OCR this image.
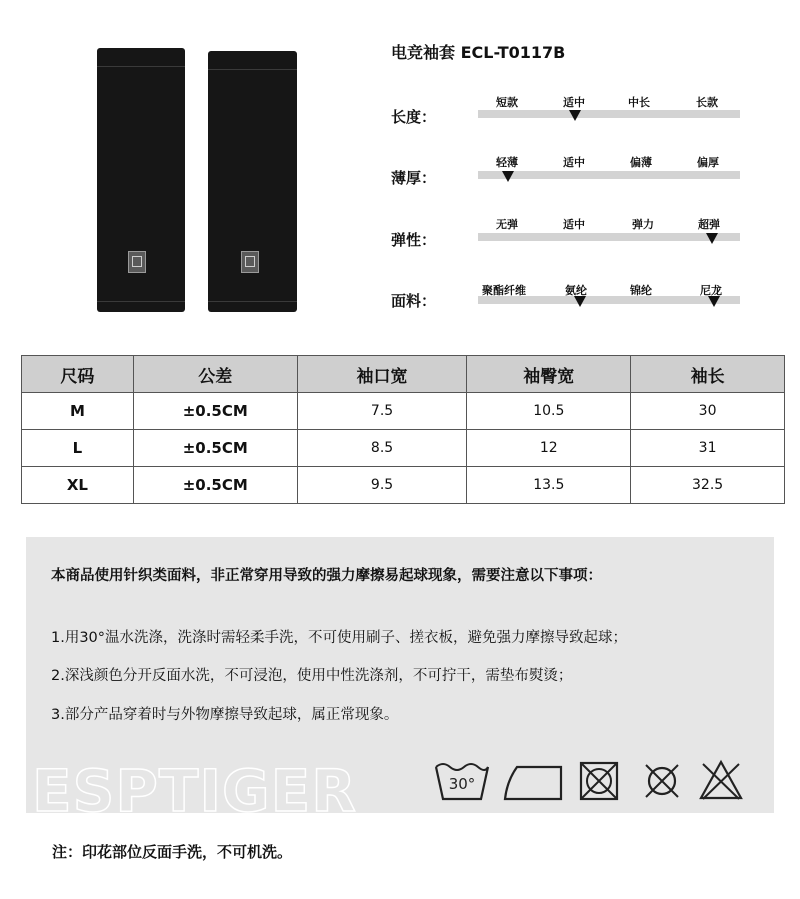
电竞袖套 ECL-T0117B
长度：
短款	适中	中长	长款
薄厚：
轻薄	适中	偏薄	偏厚
弹性：
无弹	适中	弹力	超弹
面料：
聚酯纤维	氨纶	锦纶	尼龙
尺码	公差	袖口宽	袖臀宽	袖长
M	±0.5CM	7.5	10.5	30
L	±0.5CM	8.5	12	31
XL	±0.5CM	9.5	13.5	32.5
本商品使用针织类面料，非正常穿用导致的强力摩擦易起球现象，需要注意以下事项：
1.用30°温水洗涤，洗涤时需轻柔手洗，不可使用刷子、搓衣板，避免强力摩擦导致起球；
2.深浅颜色分开反面水洗，不可浸泡，使用中性洗涤剂，不可拧干，需垫布熨烫；
3.部分产品穿着时与外物摩擦导致起球，属正常现象。
ESPTIGER	30°
注：印花部位反面手洗，不可机洗。
